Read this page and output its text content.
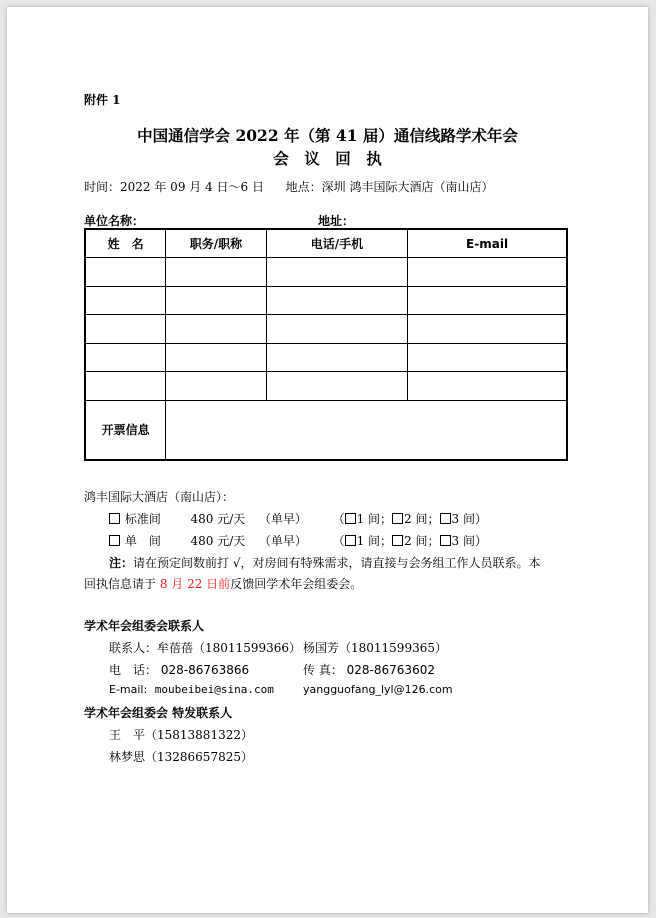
附件 1
中国通信学会 2022 年（第 41 届）通信线路学术年会
会　议　回　执
时间：2022 年 09 月 4 日～6 日 地点：深圳 鸿丰国际大酒店（南山店）
单位名称：	地址：
姓　名	职务/职称	电话/手机	E-mail

开票信息			
鸿丰国际大酒店（南山店）：
标准间 480 元/天 （单早） （ 1 间； 2 间； 3 间）
单　间 480 元/天 （单早） （ 1 间； 2 间； 3 间）
注：请在预定间数前打 √，对房间有特殊需求，请直接与会务组工作人员联系。本
回执信息请于 8 月 22 日前反馈回学术年会组委会。
学术年会组委会联系人
联系人：牟蓓蓓（18011599366） 杨国芳（18011599365）
电　话： 028-86763866	传 真： 028-86763602
E-mail: moubeibei@sina.com	yangguofang_lyl@126.com
学术年会组委会 特发联系人
王　平（15813881322）
林梦思（13286657825）
